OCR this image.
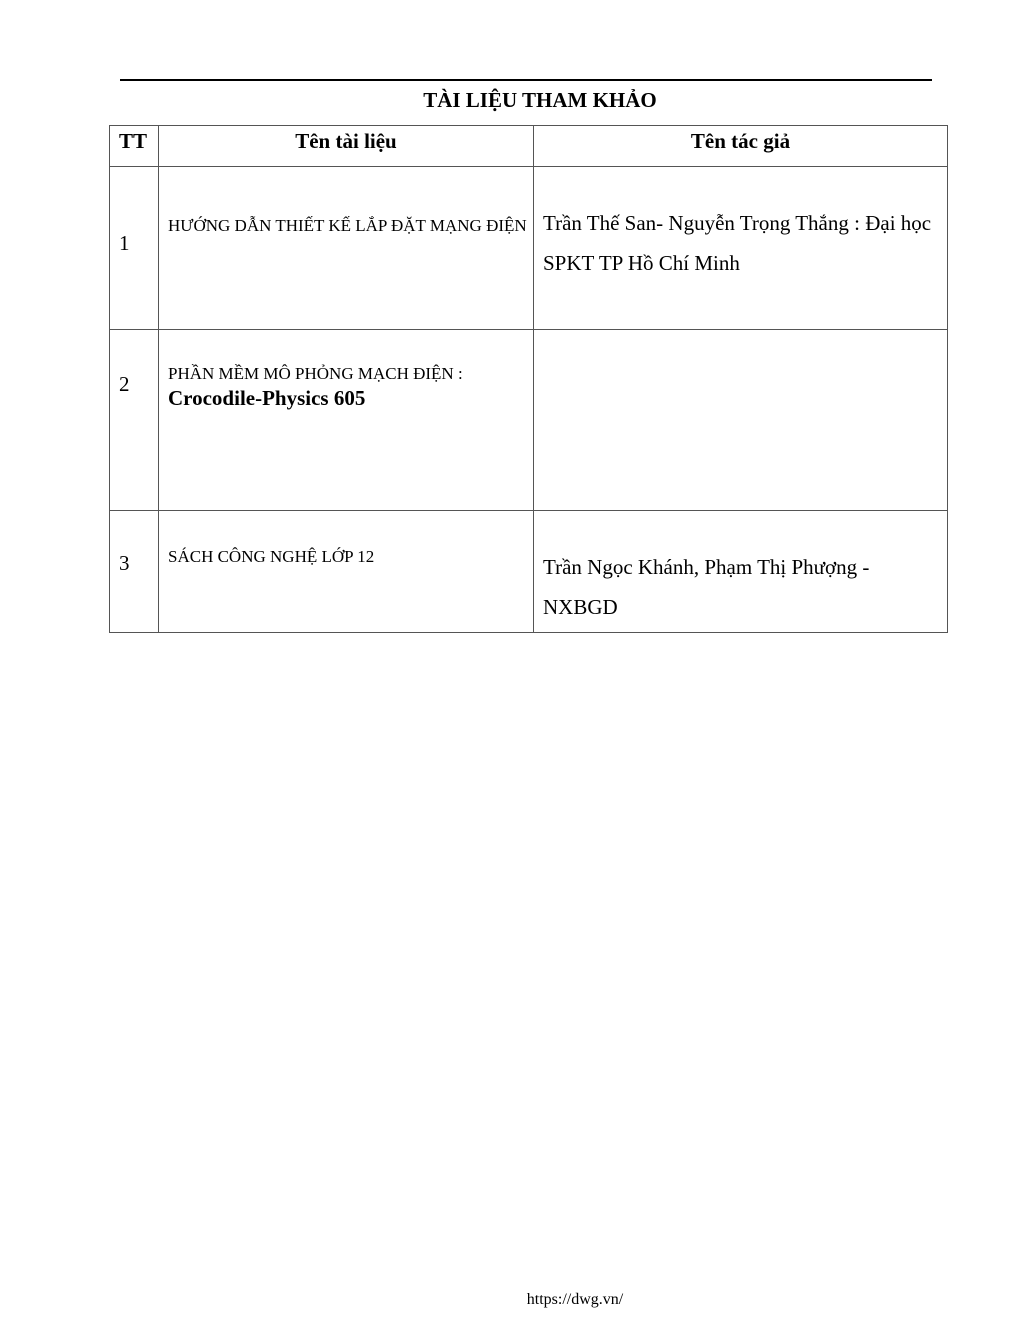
TÀI LIỆU THAM KHẢO
TT	Tên tài liệu	Tên tác giả
1	HƯỚNG DẪN THIẾT KẾ LẮP ĐẶT MẠNG ĐIỆN	Trần Thế San- Nguyễn Trọng Thắng : Đại học SPKT TP Hồ Chí Minh
2	PHẦN MỀM MÔ PHỎNG MẠCH ĐIỆN :
Crocodile-Physics 605	

3	SÁCH CÔNG NGHỆ LỚP 12	Trần Ngọc Khánh, Phạm Thị Phượng - NXBGD
https://dwg.vn/
